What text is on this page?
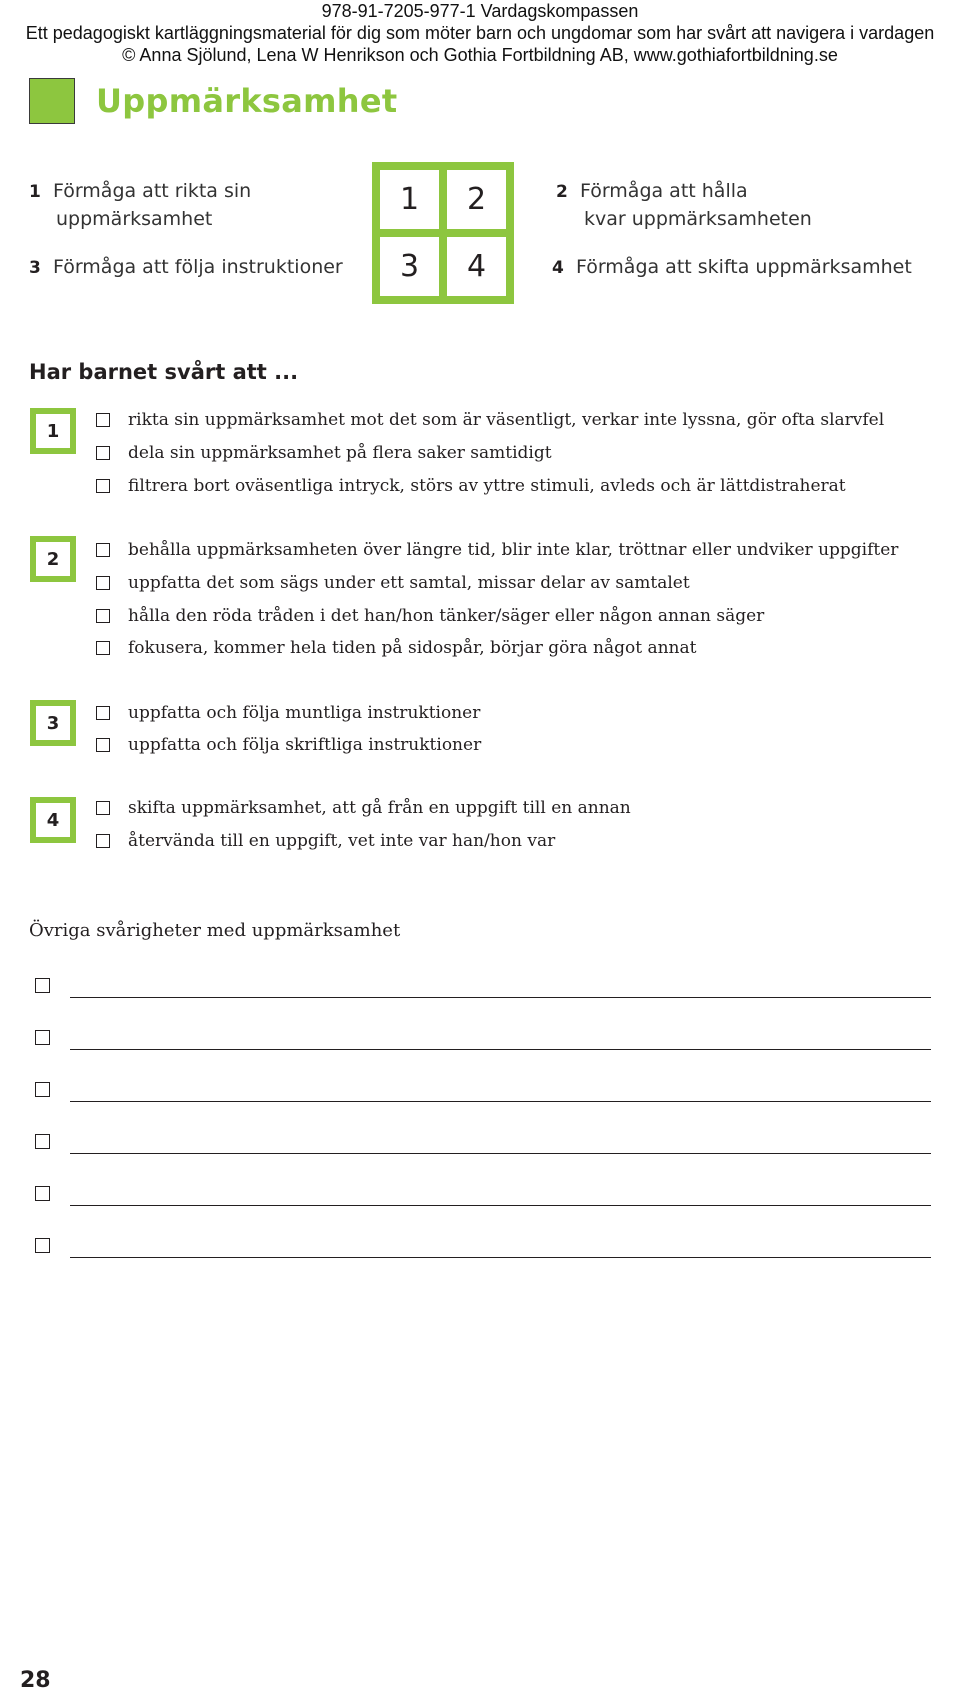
978-91-7205-977-1 Vardagskompassen
Ett pedagogiskt kartläggningsmaterial för dig som möter barn och ungdomar som har svårt att navigera i vardagen
© Anna Sjölund, Lena W Henrikson och Gothia Fortbildning AB, www.gothiafortbildning.se
Uppmärksamhet
1 Förmåga att rikta sin
uppmärksamhet
3 Förmåga att följa instruktioner
2 Förmåga att hålla
kvar uppmärksamheten
4 Förmåga att skifta uppmärksamhet
1	2
3	4
Har barnet svårt att ...
1
rikta sin uppmärksamhet mot det som är väsentligt, verkar inte lyssna, gör ofta slarvfel
dela sin uppmärksamhet på flera saker samtidigt
filtrera bort oväsentliga intryck, störs av yttre stimuli, avleds och är lättdistraherat
2	behålla uppmärksamheten över längre tid, blir inte klar, tröttnar eller undviker uppgifter
uppfatta det som sägs under ett samtal, missar delar av samtalet
hålla den röda tråden i det han/hon tänker/säger eller någon annan säger
fokusera, kommer hela tiden på sidospår, börjar göra något annat
3	uppfatta och följa muntliga instruktioner
uppfatta och följa skriftliga instruktioner
4
skifta uppmärksamhet, att gå från en uppgift till en annan
återvända till en uppgift, vet inte var han/hon var
Övriga svårigheter med uppmärksamhet
28
